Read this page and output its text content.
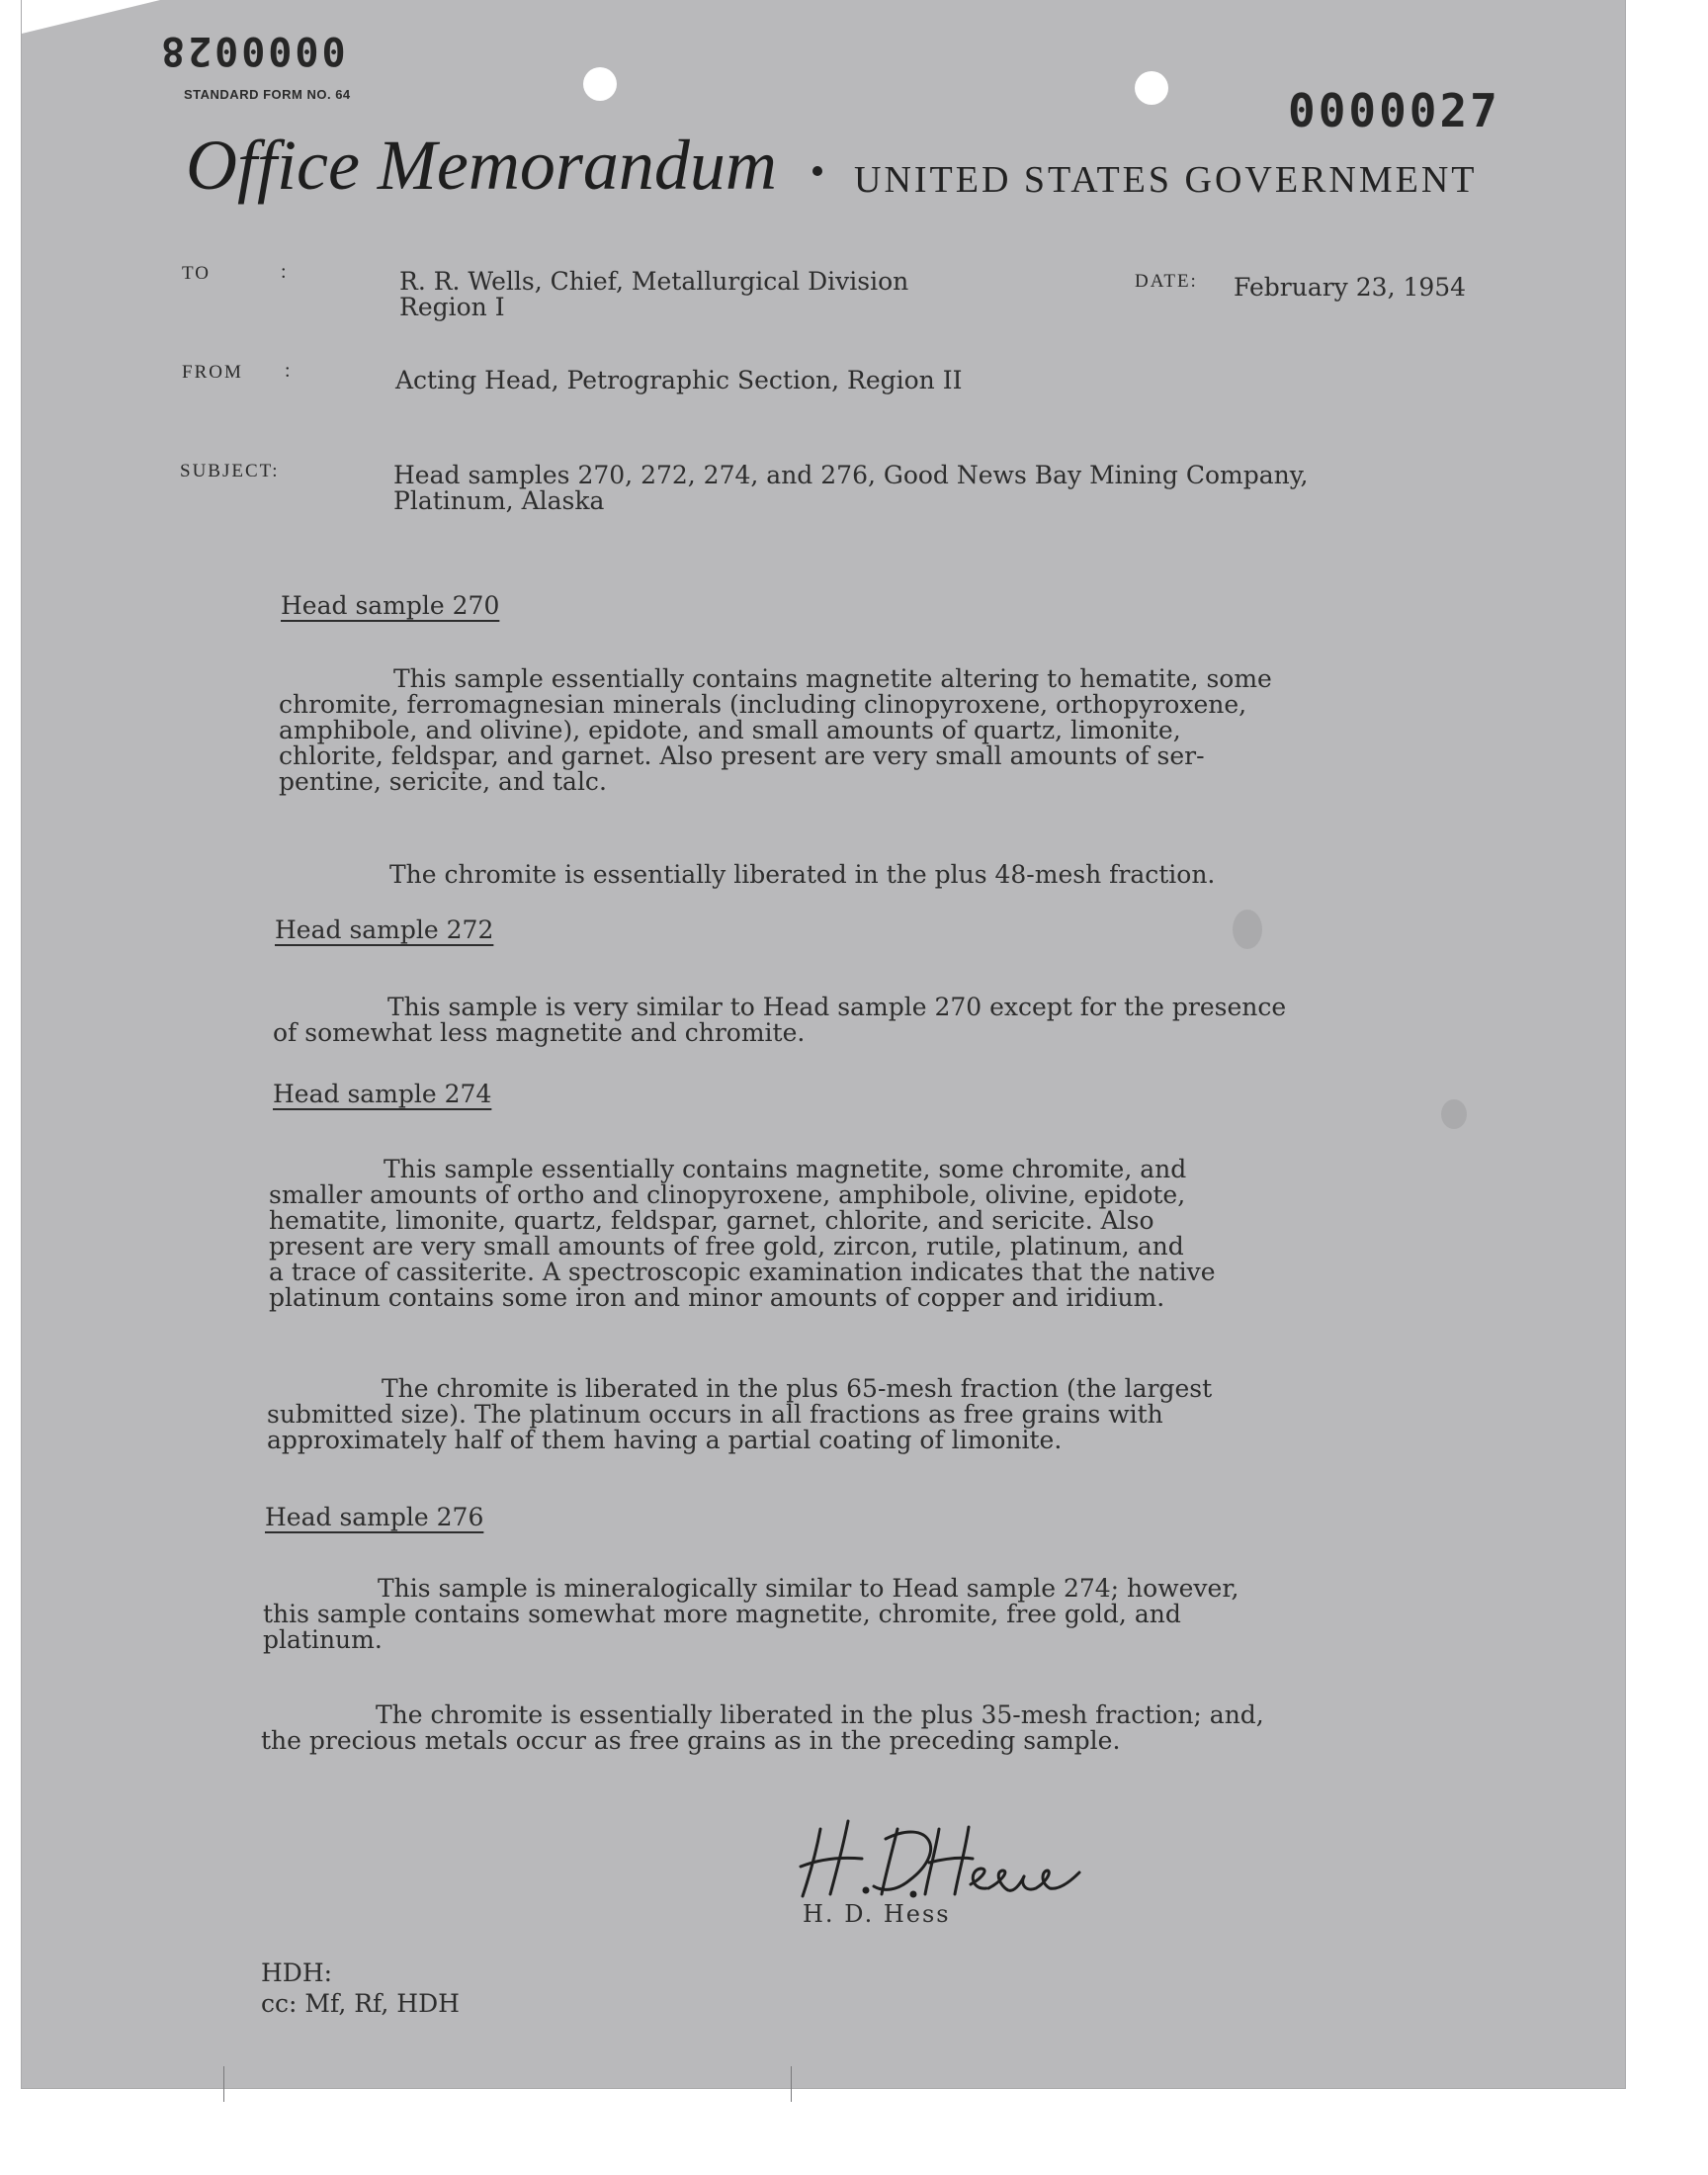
0000028
STANDARD FORM NO. 64	0000027
Office Memorandum UNITED STATES GOVERNMENT
TO	:	R. R. Wells, Chief, Metallurgical Division
Region I
DATE: February 23, 1954
FROM :	Acting Head, Petrographic Section, Region II
SUBJECT:	Head samples 270, 272, 274, and 276, Good News Bay Mining Company,
Platinum, Alaska
Head sample 270
This sample essentially contains magnetite altering to hematite, some
chromite, ferromagnesian minerals (including clinopyroxene, orthopyroxene,
amphibole, and olivine), epidote, and small amounts of quartz, limonite,
chlorite, feldspar, and garnet. Also present are very small amounts of ser-
pentine, sericite, and talc.
The chromite is essentially liberated in the plus 48-mesh fraction.
Head sample 272
This sample is very similar to Head sample 270 except for the presence
of somewhat less magnetite and chromite.
Head sample 274
This sample essentially contains magnetite, some chromite, and
smaller amounts of ortho and clinopyroxene, amphibole, olivine, epidote,
hematite, limonite, quartz, feldspar, garnet, chlorite, and sericite. Also
present are very small amounts of free gold, zircon, rutile, platinum, and
a trace of cassiterite. A spectroscopic examination indicates that the native
platinum contains some iron and minor amounts of copper and iridium.
The chromite is liberated in the plus 65-mesh fraction (the largest
submitted size). The platinum occurs in all fractions as free grains with
approximately half of them having a partial coating of limonite.
Head sample 276
This sample is mineralogically similar to Head sample 274; however,
this sample contains somewhat more magnetite, chromite, free gold, and
platinum.
The chromite is essentially liberated in the plus 35-mesh fraction; and,
the precious metals occur as free grains as in the preceding sample.
H. D. Hess
HDH:
cc: Mf, Rf, HDH
